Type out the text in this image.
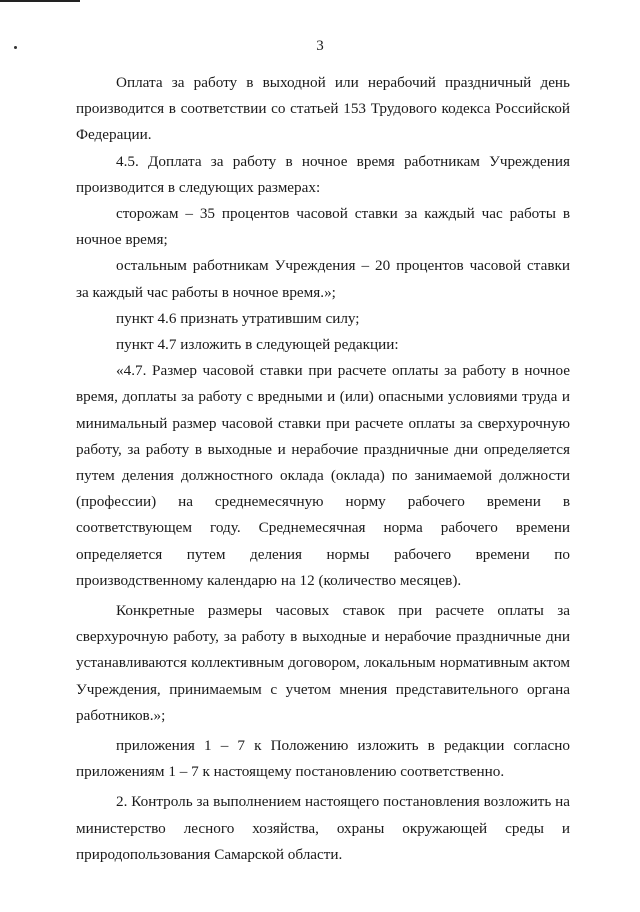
3

Оплата за работу в выходной или нерабочий праздничный день производится в соответствии со статьей 153 Трудового кодекса Российской Федерации.

4.5. Доплата за работу в ночное время работникам Учреждения производится в следующих размерах:

сторожам – 35 процентов часовой ставки за каждый час работы в ночное время;

остальным работникам Учреждения – 20 процентов часовой ставки за каждый час работы в ночное время.»;

пункт 4.6 признать утратившим силу;

пункт 4.7 изложить в следующей редакции:

«4.7. Размер часовой ставки при расчете оплаты за работу в ночное время, доплаты за работу с вредными и (или) опасными условиями труда и минимальный размер часовой ставки при расчете оплаты за сверхурочную работу, за работу в выходные и нерабочие праздничные дни определяется путем деления должностного оклада (оклада) по занимаемой должности (профессии) на среднемесячную норму рабочего времени в соответствующем году. Среднемесячная норма рабочего времени определяется путем деления нормы рабочего времени по производственному календарю на 12 (количество месяцев).

Конкретные размеры часовых ставок при расчете оплаты за сверхурочную работу, за работу в выходные и нерабочие праздничные дни устанавливаются коллективным договором, локальным нормативным актом Учреждения, принимаемым с учетом мнения представительного органа работников.»;

приложения 1 – 7 к Положению изложить в редакции согласно приложениям 1 – 7 к настоящему постановлению соответственно.

2. Контроль за выполнением настоящего постановления возложить на министерство лесного хозяйства, охраны окружающей среды и природопользования Самарской области.
